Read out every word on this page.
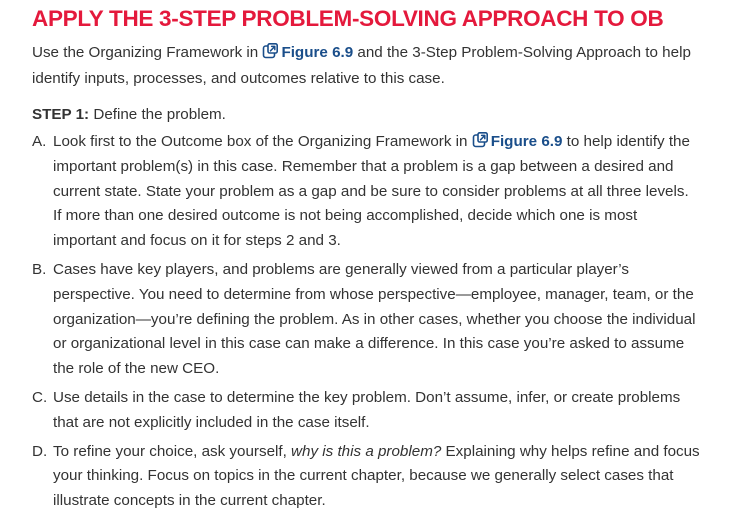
APPLY THE 3-STEP PROBLEM-SOLVING APPROACH TO OB

Use the Organizing Framework in Figure 6.9 and the 3-Step Problem-Solving Approach to help identify inputs, processes, and outcomes relative to this case.

STEP 1: Define the problem.

A. Look first to the Outcome box of the Organizing Framework in Figure 6.9 to help identify the important problem(s) in this case. Remember that a problem is a gap between a desired and current state. State your problem as a gap and be sure to consider problems at all three levels. If more than one desired outcome is not being accomplished, decide which one is most important and focus on it for steps 2 and 3.
B. Cases have key players, and problems are generally viewed from a particular player’s perspective. You need to determine from whose perspective—employee, manager, team, or the organization—you’re defining the problem. As in other cases, whether you choose the individual or organizational level in this case can make a difference. In this case you’re asked to assume the role of the new CEO.
C. Use details in the case to determine the key problem. Don’t assume, infer, or create problems that are not explicitly included in the case itself.
D. To refine your choice, ask yourself, why is this a problem? Explaining why helps refine and focus your thinking. Focus on topics in the current chapter, because we generally select cases that illustrate concepts in the current chapter.
